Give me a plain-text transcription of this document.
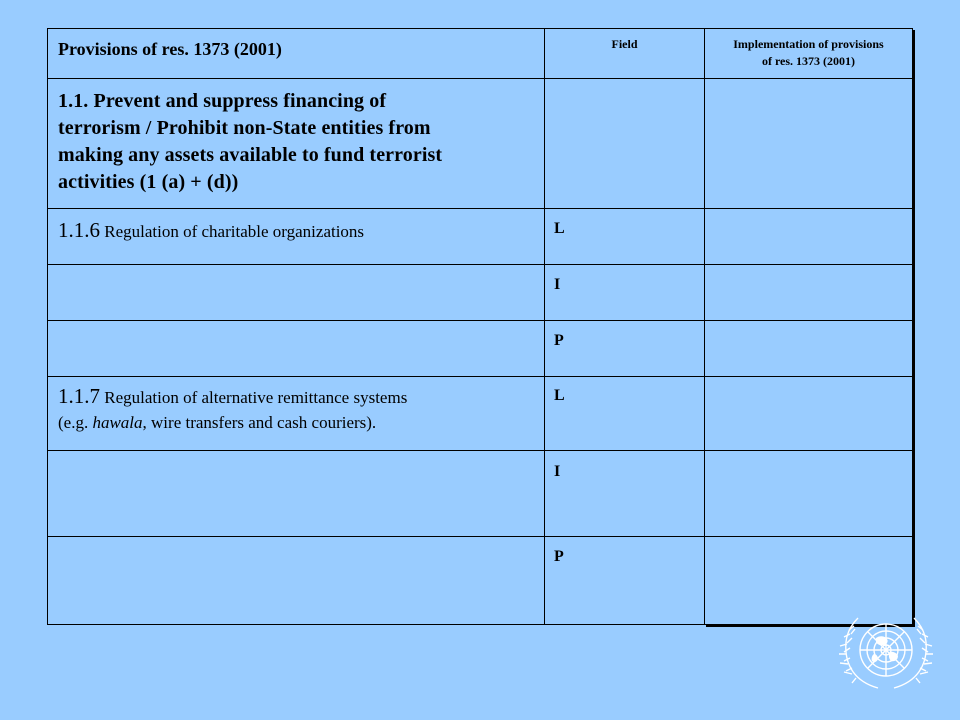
Provisions of res. 1373 (2001)	Field	Implementation of provisions
of res. 1373 (2001)
1.1. Prevent and suppress financing of
terrorism / Prohibit non-State entities from
making any assets available to fund terrorist
activities (1 (a) + (d))
1.1.6 Regulation of charitable organizations
1.1.7 Regulation of alternative remittance systems
(e.g. hawala, wire transfers and cash couriers).
L
I
P
L
I
P
